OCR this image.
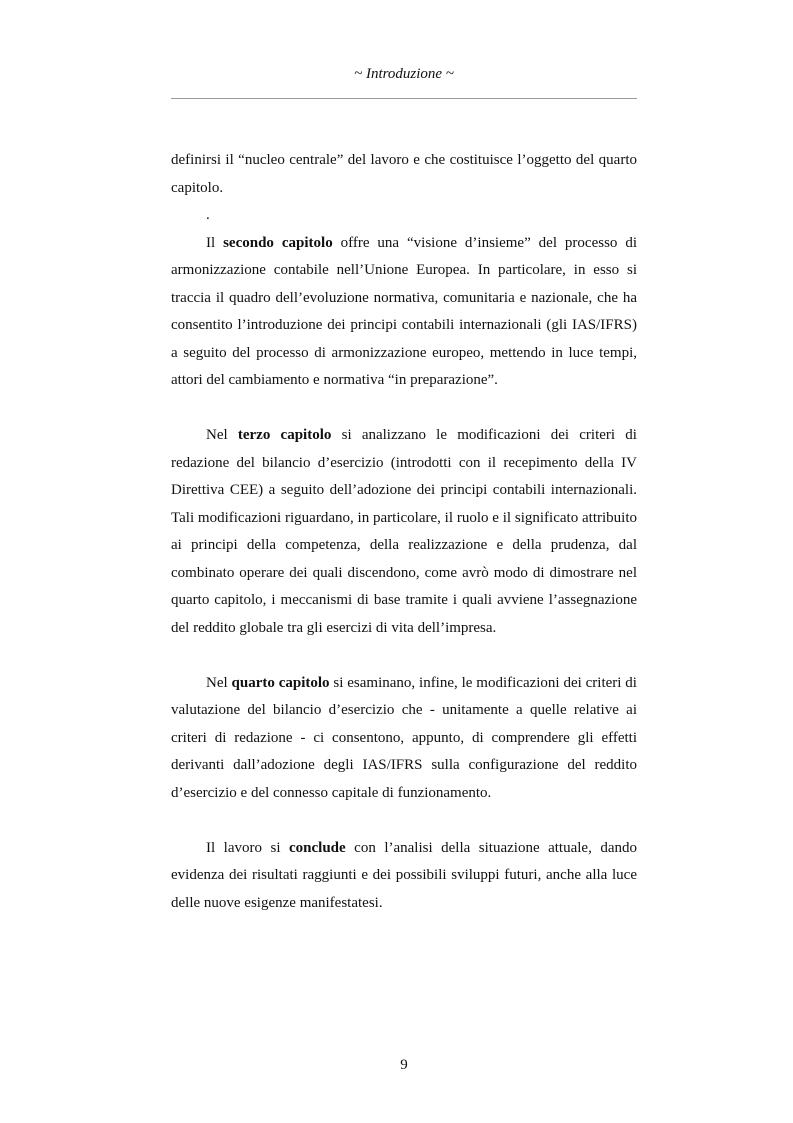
~ Introduzione ~

definirsi il “nucleo centrale” del lavoro e che costituisce l’oggetto del quarto capitolo.

.

Il secondo capitolo offre una “visione d’insieme” del processo di armonizzazione contabile nell’Unione Europea. In particolare, in esso si traccia il quadro dell’evoluzione normativa, comunitaria e nazionale, che ha consentito l’introduzione dei principi contabili internazionali (gli IAS/IFRS) a seguito del processo di armonizzazione europeo, mettendo in luce tempi, attori del cambiamento e normativa “in preparazione”.

Nel terzo capitolo si analizzano le modificazioni dei criteri di redazione del bilancio d’esercizio (introdotti con il recepimento della IV Direttiva CEE) a seguito dell’adozione dei principi contabili internazionali. Tali modificazioni riguardano, in particolare, il ruolo e il significato attribuito ai principi della competenza, della realizzazione e della prudenza, dal combinato operare dei quali discendono, come avrò modo di dimostrare nel quarto capitolo, i meccanismi di base tramite i quali avviene l’assegnazione del reddito globale tra gli esercizi di vita dell’impresa.

Nel quarto capitolo si esaminano, infine, le modificazioni dei criteri di valutazione del bilancio d’esercizio che - unitamente a quelle relative ai criteri di redazione - ci consentono, appunto, di comprendere gli effetti derivanti dall’adozione degli IAS/IFRS sulla configurazione del reddito d’esercizio e del connesso capitale di funzionamento.

Il lavoro si conclude con l’analisi della situazione attuale, dando evidenza dei risultati raggiunti e dei possibili sviluppi futuri, anche alla luce delle nuove esigenze manifestatesi.

9
